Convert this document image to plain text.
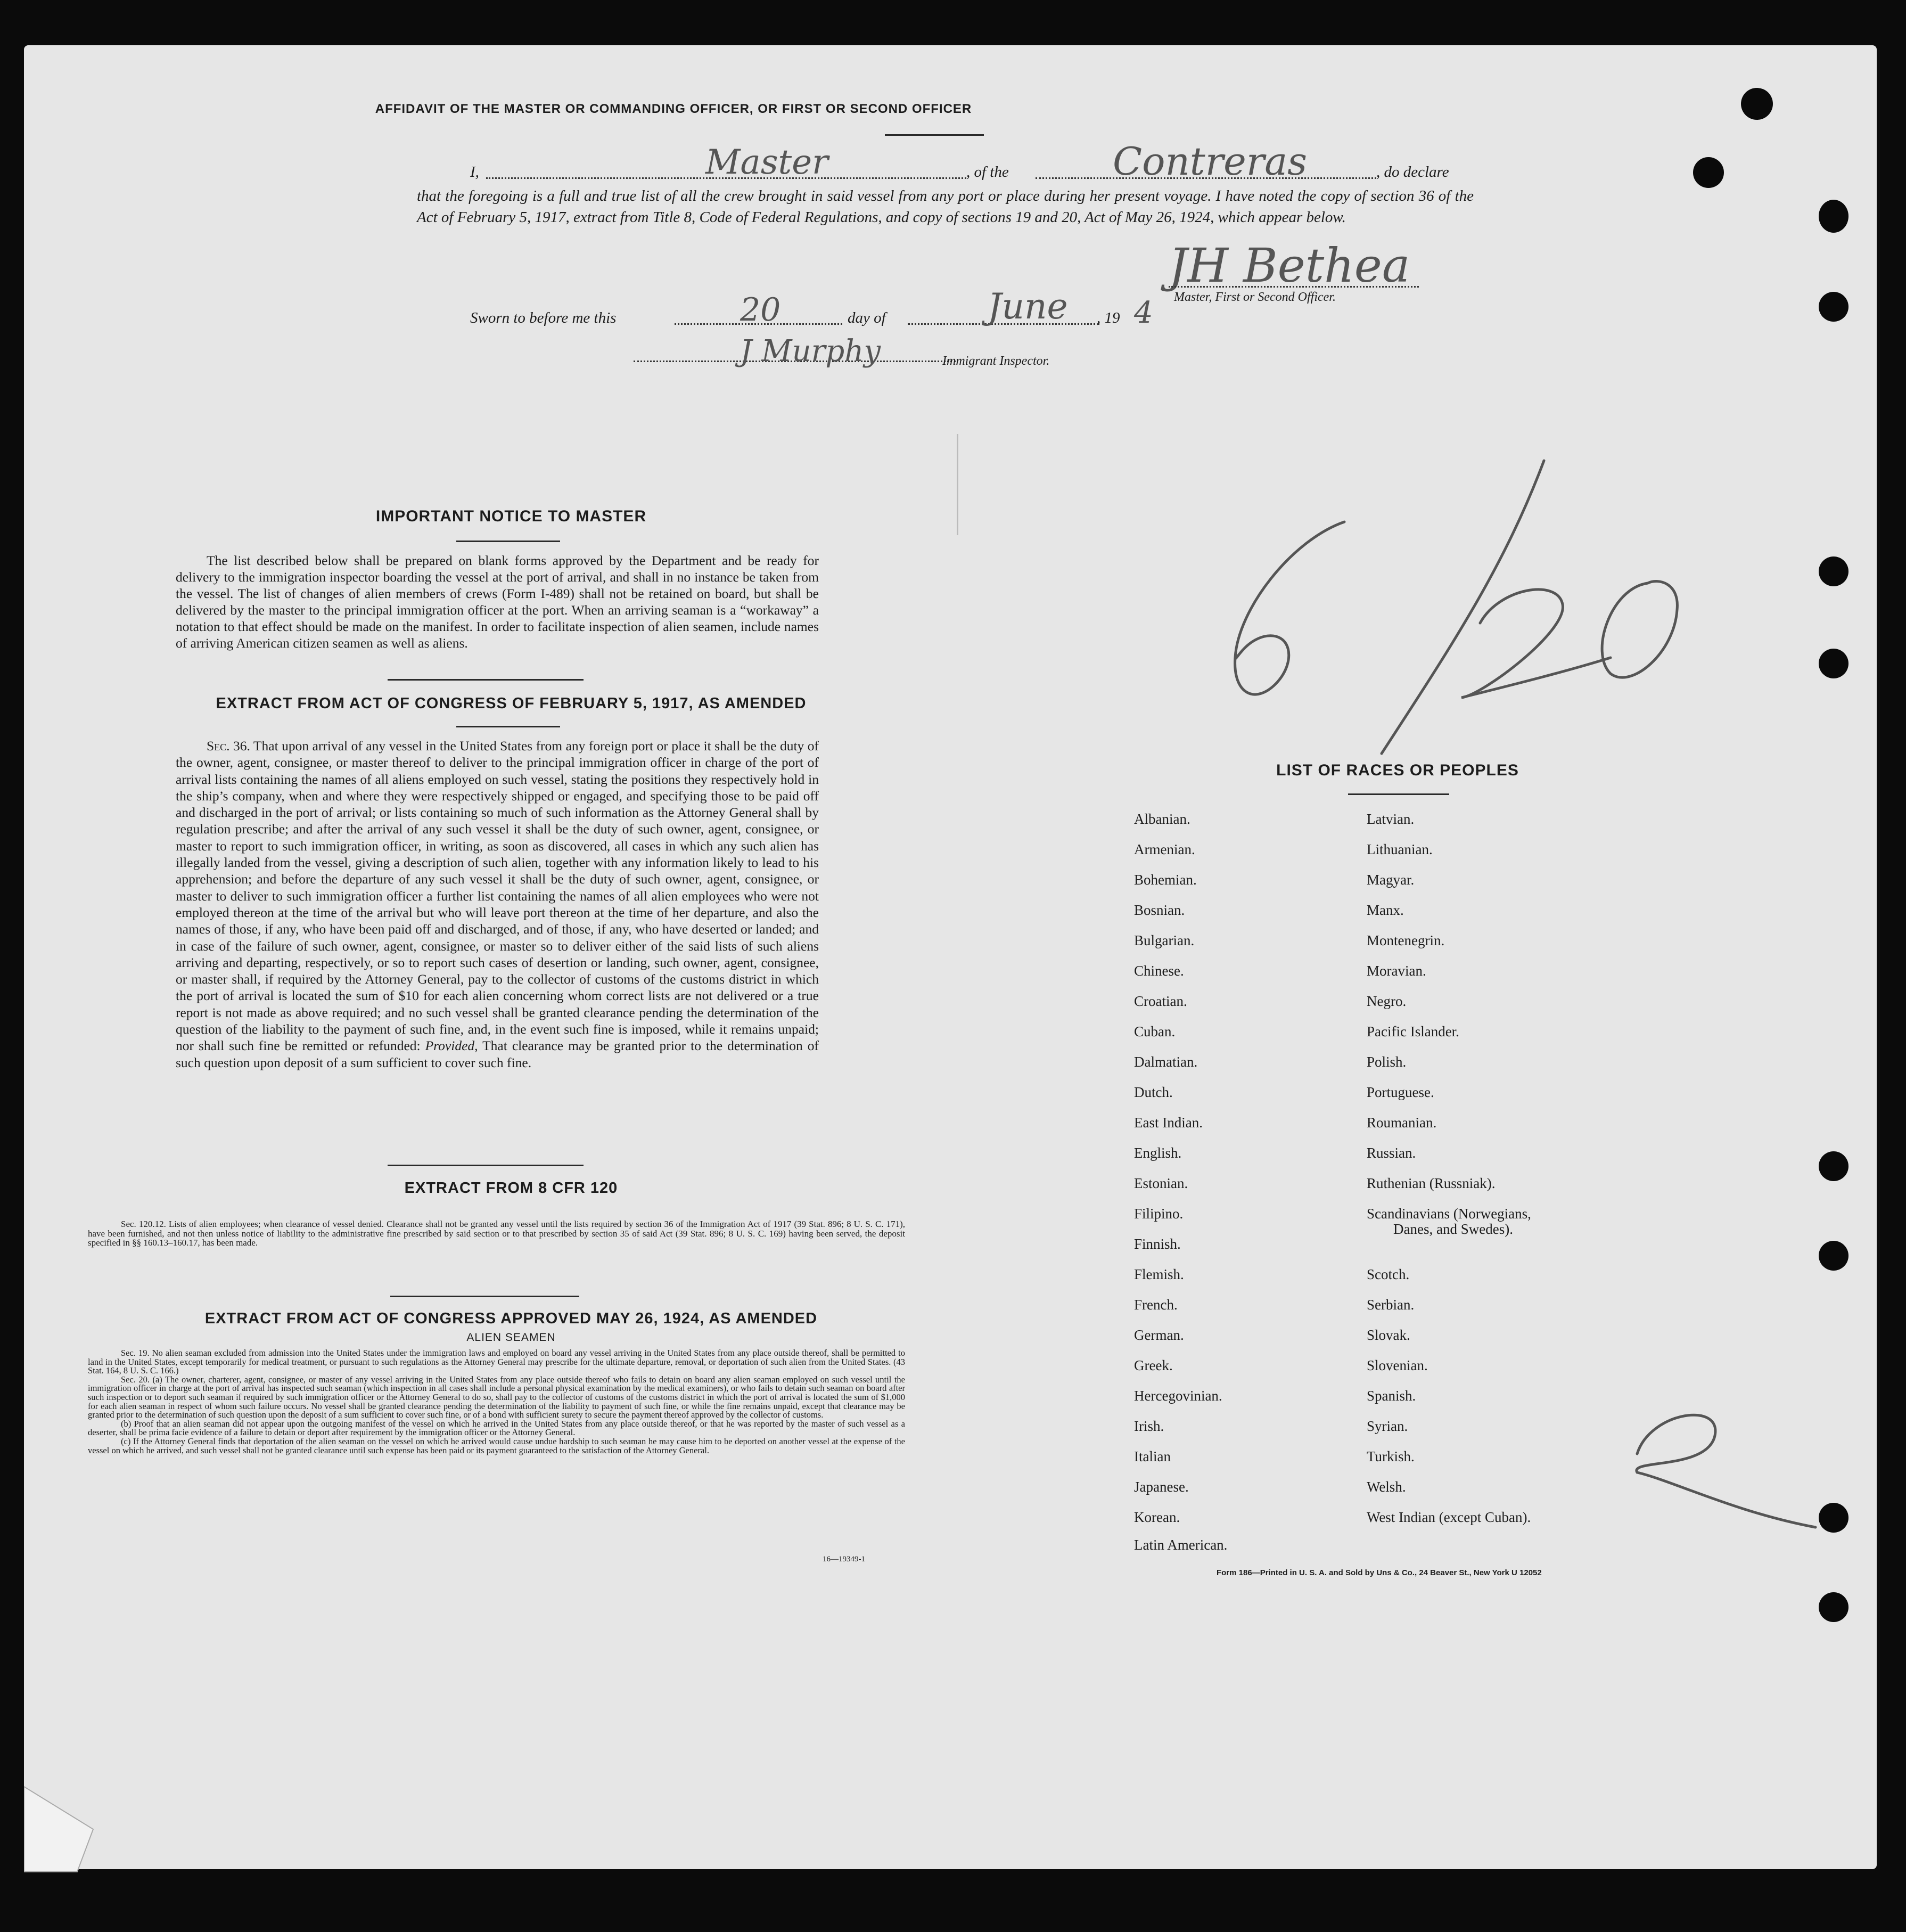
AFFIDAVIT OF THE MASTER OR COMMANDING OFFICER, OR FIRST OR SECOND OFFICER
I,	Master	, of the	Contreras	, do declare
that the foregoing is a full and true list of all the crew brought in said vessel from any port or place during her present voyage. I have noted the copy of section 36 of the Act of February 5, 1917, extract from Title 8, Code of Federal Regulations, and copy of sections 19 and 20, Act of May 26, 1924, which appear below.
JH Bethea
Master, First or Second Officer.
Sworn to before me this	20	day of	June , 19 4
J Murphy	Immigrant Inspector.
IMPORTANT NOTICE TO MASTER
The list described below shall be prepared on blank forms approved by the Department and be ready for delivery to the immigration inspector boarding the vessel at the port of arrival, and shall in no instance be taken from the vessel. The list of changes of alien members of crews (Form I-489) shall not be retained on board, but shall be delivered by the master to the principal immigration officer at the port. When an arriving seaman is a “workaway” a notation to that effect should be made on the manifest. In order to facilitate inspection of alien seamen, include names of arriving American citizen seamen as well as aliens.
EXTRACT FROM ACT OF CONGRESS OF FEBRUARY 5, 1917, AS AMENDED
Sec. 36. That upon arrival of any vessel in the United States from any foreign port or place it shall be the duty of the owner, agent, consignee, or master thereof to deliver to the principal immigration officer in charge of the port of arrival lists containing the names of all aliens employed on such vessel, stating the positions they respectively hold in the ship’s company, when and where they were respectively shipped or engaged, and specifying those to be paid off and discharged in the port of arrival; or lists containing so much of such information as the Attorney General shall by regulation prescribe; and after the arrival of any such vessel it shall be the duty of such owner, agent, consignee, or master to report to such immigration officer, in writing, as soon as discovered, all cases in which any such alien has illegally landed from the vessel, giving a description of such alien, together with any information likely to lead to his apprehension; and before the departure of any such vessel it shall be the duty of such owner, agent, consignee, or master to deliver to such immigration officer a further list containing the names of all alien employees who were not employed thereon at the time of the arrival but who will leave port thereon at the time of her departure, and also the names of those, if any, who have been paid off and discharged, and of those, if any, who have deserted or landed; and in case of the failure of such owner, agent, consignee, or master so to deliver either of the said lists of such aliens arriving and departing, respectively, or so to report such cases of desertion or landing, such owner, agent, consignee, or master shall, if required by the Attorney General, pay to the collector of customs of the customs district in which the port of arrival is located the sum of $10 for each alien concerning whom correct lists are not delivered or a true report is not made as above required; and no such vessel shall be granted clearance pending the determination of the question of the liability to the payment of such fine, and, in the event such fine is imposed, while it remains unpaid; nor shall such fine be remitted or refunded: Provided, That clearance may be granted prior to the determination of such question upon deposit of a sum sufficient to cover such fine.
EXTRACT FROM 8 CFR 120
Sec. 120.12. Lists of alien employees; when clearance of vessel denied. Clearance shall not be granted any vessel until the lists required by section 36 of the Immigration Act of 1917 (39 Stat. 896; 8 U. S. C. 171), have been furnished, and not then unless notice of liability to the administrative fine prescribed by said section or to that prescribed by section 35 of said Act (39 Stat. 896; 8 U. S. C. 169) having been served, the deposit specified in §§ 160.13–160.17, has been made.
EXTRACT FROM ACT OF CONGRESS APPROVED MAY 26, 1924, AS AMENDED
ALIEN SEAMEN
Sec. 19. No alien seaman excluded from admission into the United States under the immigration laws and employed on board any vessel arriving in the United States from any place outside thereof, shall be permitted to land in the United States, except temporarily for medical treatment, or pursuant to such regulations as the Attorney General may prescribe for the ultimate departure, removal, or deportation of such alien from the United States. (43 Stat. 164, 8 U. S. C. 166.)
Sec. 20. (a) The owner, charterer, agent, consignee, or master of any vessel arriving in the United States from any place outside thereof who fails to detain on board any alien seaman employed on such vessel until the immigration officer in charge at the port of arrival has inspected such seaman (which inspection in all cases shall include a personal physical examination by the medical examiners), or who fails to detain such seaman on board after such inspection or to deport such seaman if required by such immigration officer or the Attorney General to do so, shall pay to the collector of customs of the customs district in which the port of arrival is located the sum of $1,000 for each alien seaman in respect of whom such failure occurs. No vessel shall be granted clearance pending the determination of the liability to payment of such fine, or while the fine remains unpaid, except that clearance may be granted prior to the determination of such question upon the deposit of a sum sufficient to cover such fine, or of a bond with sufficient surety to secure the payment thereof approved by the collector of customs.
(b) Proof that an alien seaman did not appear upon the outgoing manifest of the vessel on which he arrived in the United States from any place outside thereof, or that he was reported by the master of such vessel as a deserter, shall be prima facie evidence of a failure to detain or deport after requirement by the immigration officer or the Attorney General.
(c) If the Attorney General finds that deportation of the alien seaman on the vessel on which he arrived would cause undue hardship to such seaman he may cause him to be deported on another vessel at the expense of the vessel on which he arrived, and such vessel shall not be granted clearance until such expense has been paid or its payment guaranteed to the satisfaction of the Attorney General.
16—19349-1
LIST OF RACES OR PEOPLES
Albanian.
Armenian.
Bohemian.
Bosnian.
Bulgarian.
Chinese.
Croatian.
Cuban.
Dalmatian.
Dutch.
East Indian.
English.
Estonian.
Filipino.
Finnish.
Flemish.
French.
German.
Greek.
Hercegovinian.
Irish.
Italian
Japanese.
Korean.
Latin American.
Latvian.
Lithuanian.
Magyar.
Manx.
Montenegrin.
Moravian.
Negro.
Pacific Islander.
Polish.
Portuguese.
Roumanian.
Russian.
Ruthenian (Russniak).
Scandinavians (Norwegians,
Danes, and Swedes).
Scotch.
Serbian.
Slovak.
Slovenian.
Spanish.
Syrian.
Turkish.
Welsh.
West Indian (except Cuban).
Form 186—Printed in U. S. A. and Sold by Uns & Co., 24 Beaver St., New York U 12052
